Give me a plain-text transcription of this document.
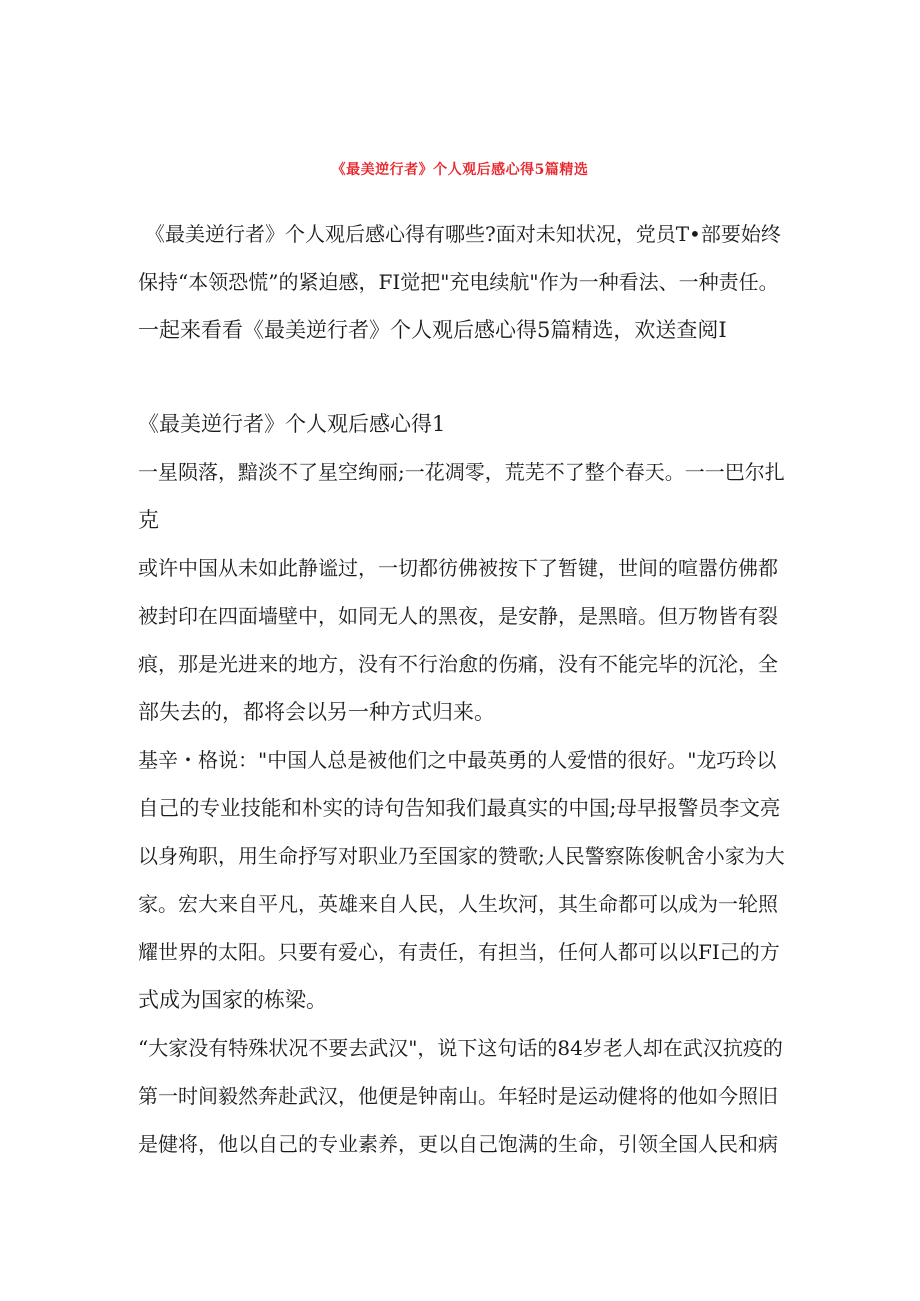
《最美逆行者》个人观后感心得5篇精选

《最美逆行者》个人观后感心得有哪些?面对未知状况，党员T•部要始终
保持“本领恐慌”的紧迫感，FI觉把"充电续航"作为一种看法、一种责任。
一起来看看《最美逆行者》个人观后感心得5篇精选，欢送查阅I

《最美逆行者》个人观后感心得1

一星陨落，黯淡不了星空绚丽;一花凋零，荒芜不了整个春天。一一巴尔扎
克

或许中国从未如此静谧过，一切都彷佛被按下了暂键，世间的喧嚣仿佛都
被封印在四面墙壁中，如同无人的黑夜，是安静，是黑暗。但万物皆有裂
痕，那是光进来的地方，没有不行治愈的伤痛，没有不能完毕的沉沦，全
部失去的，都将会以另一种方式归来。

基辛・格说："中国人总是被他们之中最英勇的人爱惜的很好。"龙巧玲以
自己的专业技能和朴实的诗句告知我们最真实的中国;母早报警员李文亮
以身殉职，用生命抒写对职业乃至国家的赞歌;人民警察陈俊帆舍小家为大
家。宏大来自平凡，英雄来自人民，人生坎河，其生命都可以成为一轮照
耀世界的太阳。只要有爱心，有责任，有担当，任何人都可以以FI己的方
式成为国家的栋梁。

“大家没有特殊状况不要去武汉"，说下这句话的84岁老人却在武汉抗疫的
第一时间毅然奔赴武汉，他便是钟南山。年轻时是运动健将的他如今照旧
是健将，他以自己的专业素养，更以自己饱满的生命，引领全国人民和病
